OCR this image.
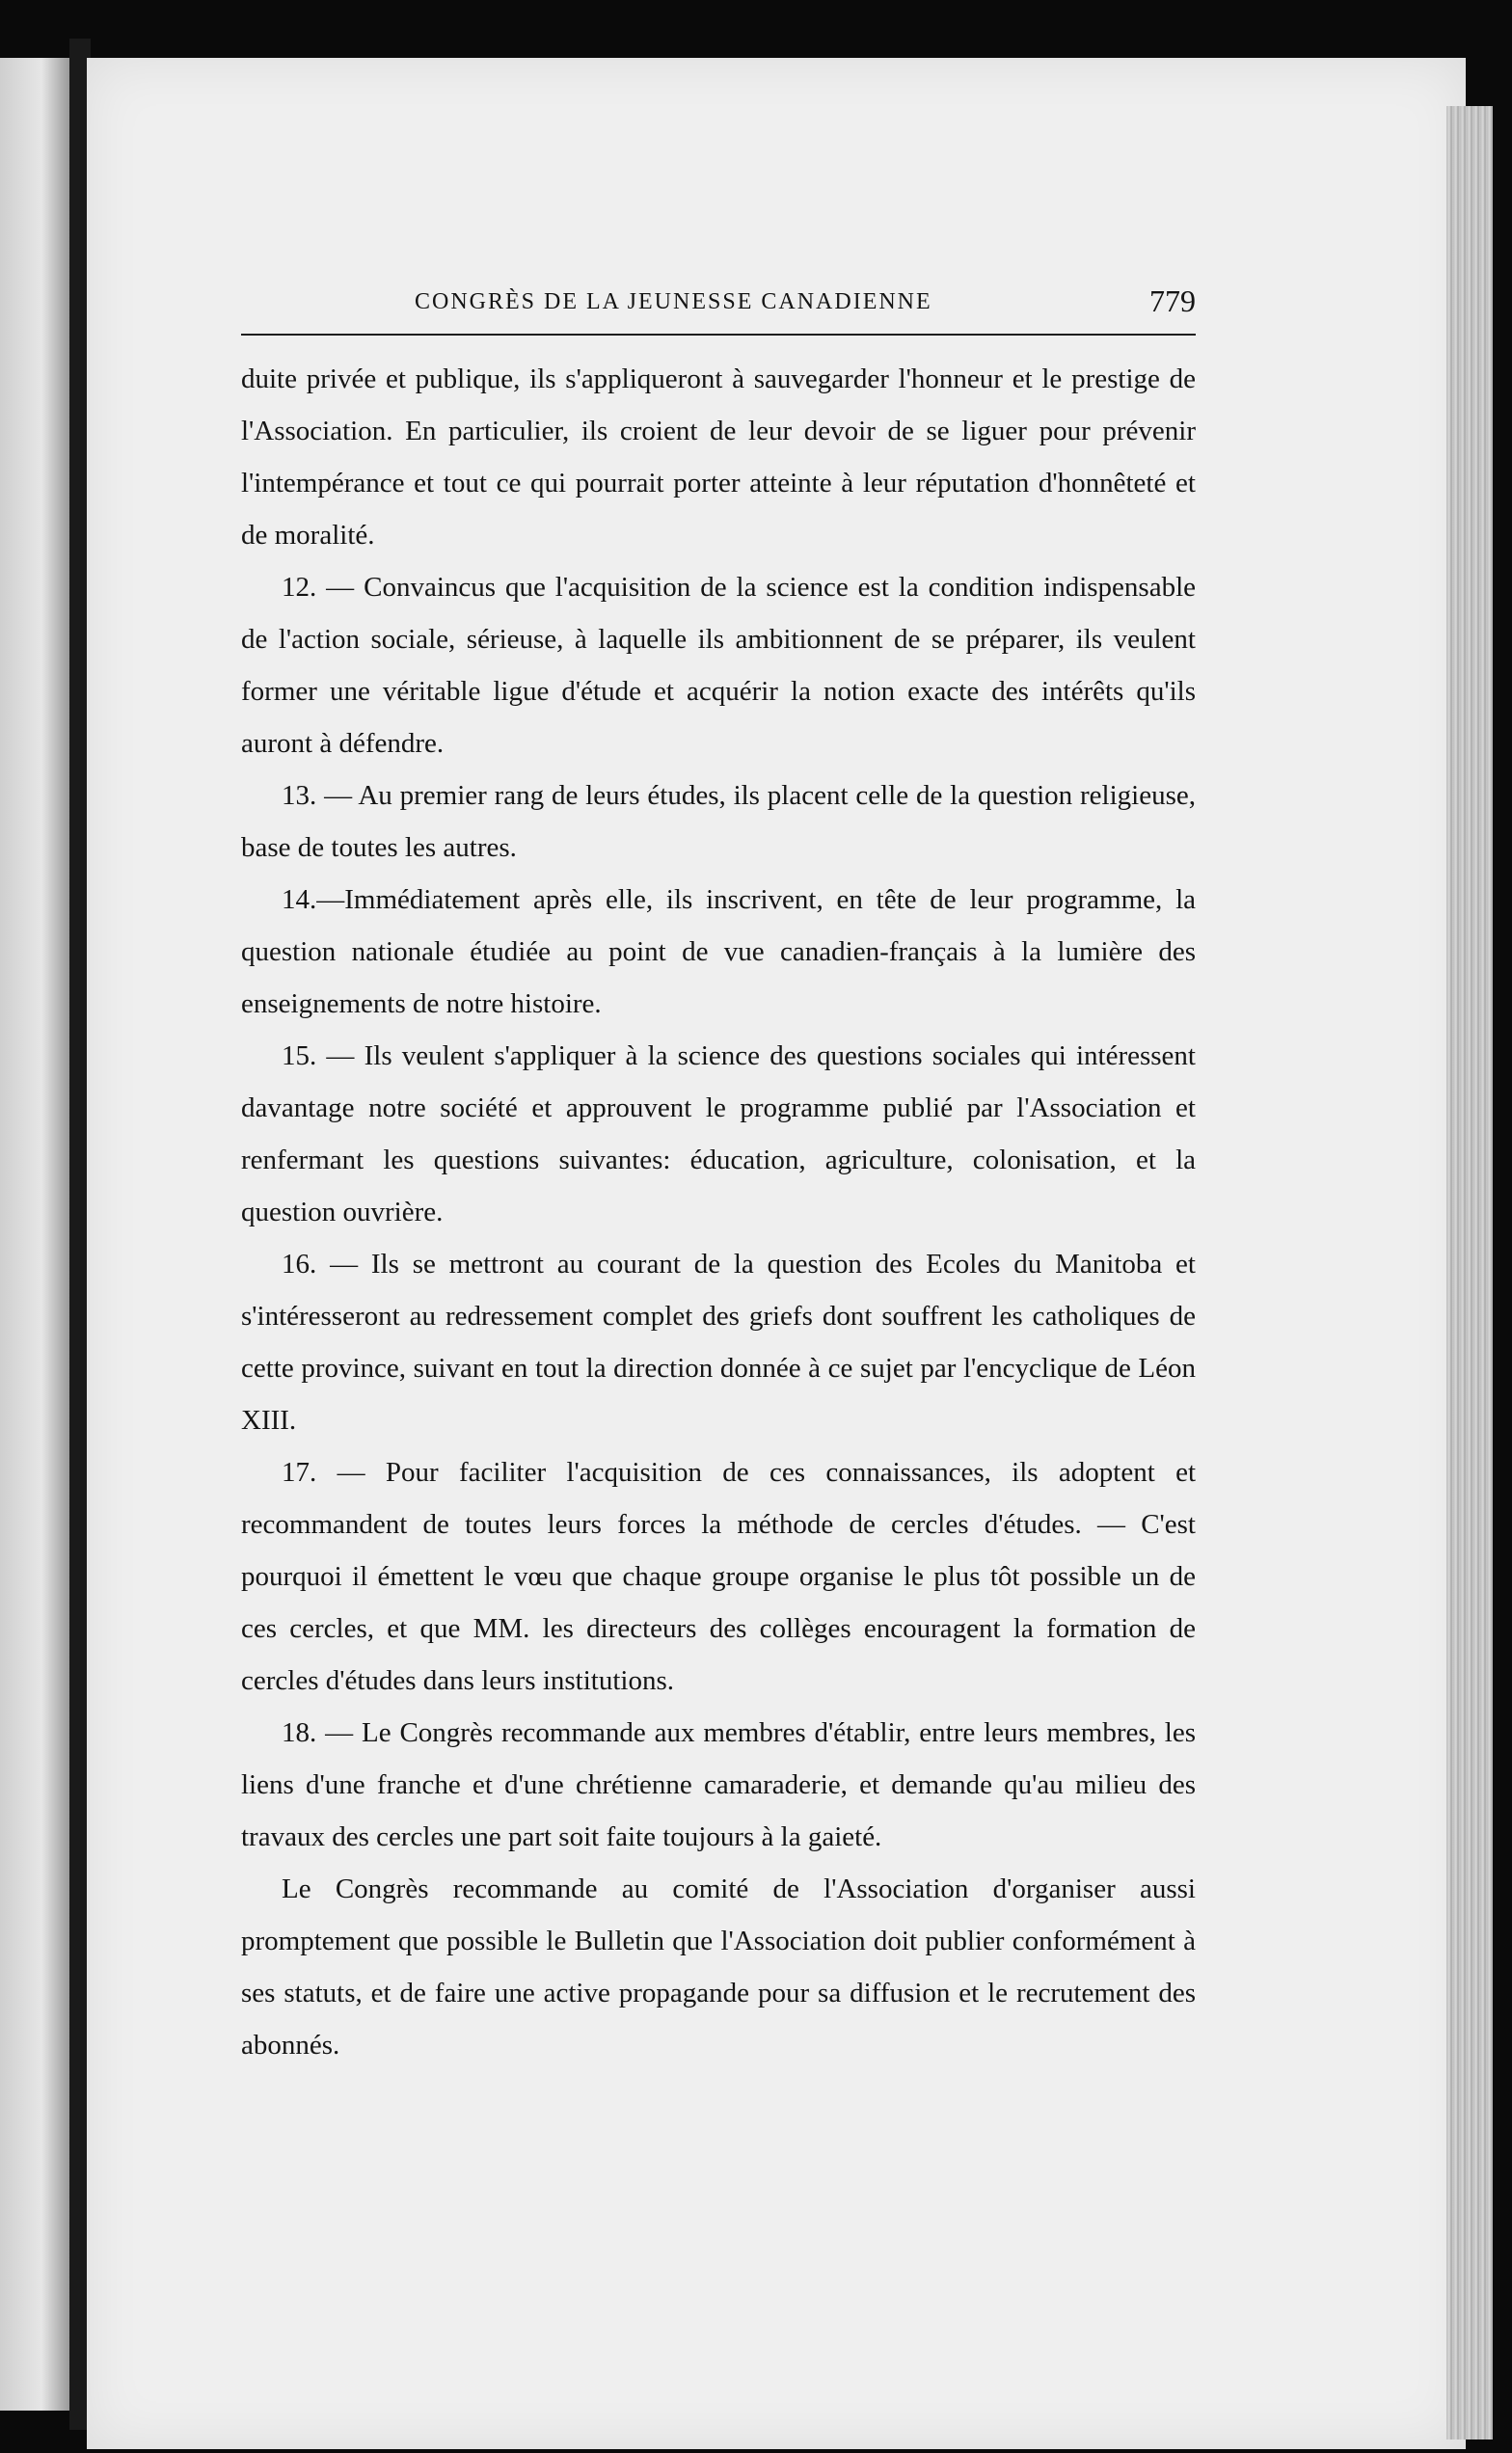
CONGRÈS DE LA JEUNESSE CANADIENNE	779

duite privée et publique, ils s'appliqueront à sauvegarder l'honneur et le prestige de l'Association. En particulier, ils croient de leur devoir de se liguer pour prévenir l'intempérance et tout ce qui pourrait porter atteinte à leur réputation d'honnêteté et de moralité.

12. — Convaincus que l'acquisition de la science est la condition indispensable de l'action sociale, sérieuse, à laquelle ils ambitionnent de se préparer, ils veulent former une véritable ligue d'étude et acquérir la notion exacte des intérêts qu'ils auront à défendre.

13. — Au premier rang de leurs études, ils placent celle de la question religieuse, base de toutes les autres.

14.—Immédiatement après elle, ils inscrivent, en tête de leur programme, la question nationale étudiée au point de vue canadien-français à la lumière des enseignements de notre histoire.

15. — Ils veulent s'appliquer à la science des questions sociales qui intéressent davantage notre société et approuvent le programme publié par l'Association et renfermant les questions suivantes: éducation, agriculture, colonisation, et la question ouvrière.

16. — Ils se mettront au courant de la question des Ecoles du Manitoba et s'intéresseront au redressement complet des griefs dont souffrent les catholiques de cette province, suivant en tout la direction donnée à ce sujet par l'encyclique de Léon XIII.

17. — Pour faciliter l'acquisition de ces connaissances, ils adoptent et recommandent de toutes leurs forces la méthode de cercles d'études. — C'est pourquoi il émettent le vœu que chaque groupe organise le plus tôt possible un de ces cercles, et que MM. les directeurs des collèges encouragent la formation de cercles d'études dans leurs institutions.

18. — Le Congrès recommande aux membres d'établir, entre leurs membres, les liens d'une franche et d'une chrétienne camaraderie, et demande qu'au milieu des travaux des cercles une part soit faite toujours à la gaieté.

Le Congrès recommande au comité de l'Association d'organiser aussi promptement que possible le Bulletin que l'Association doit publier conformément à ses statuts, et de faire une active propagande pour sa diffusion et le recrutement des abonnés.
